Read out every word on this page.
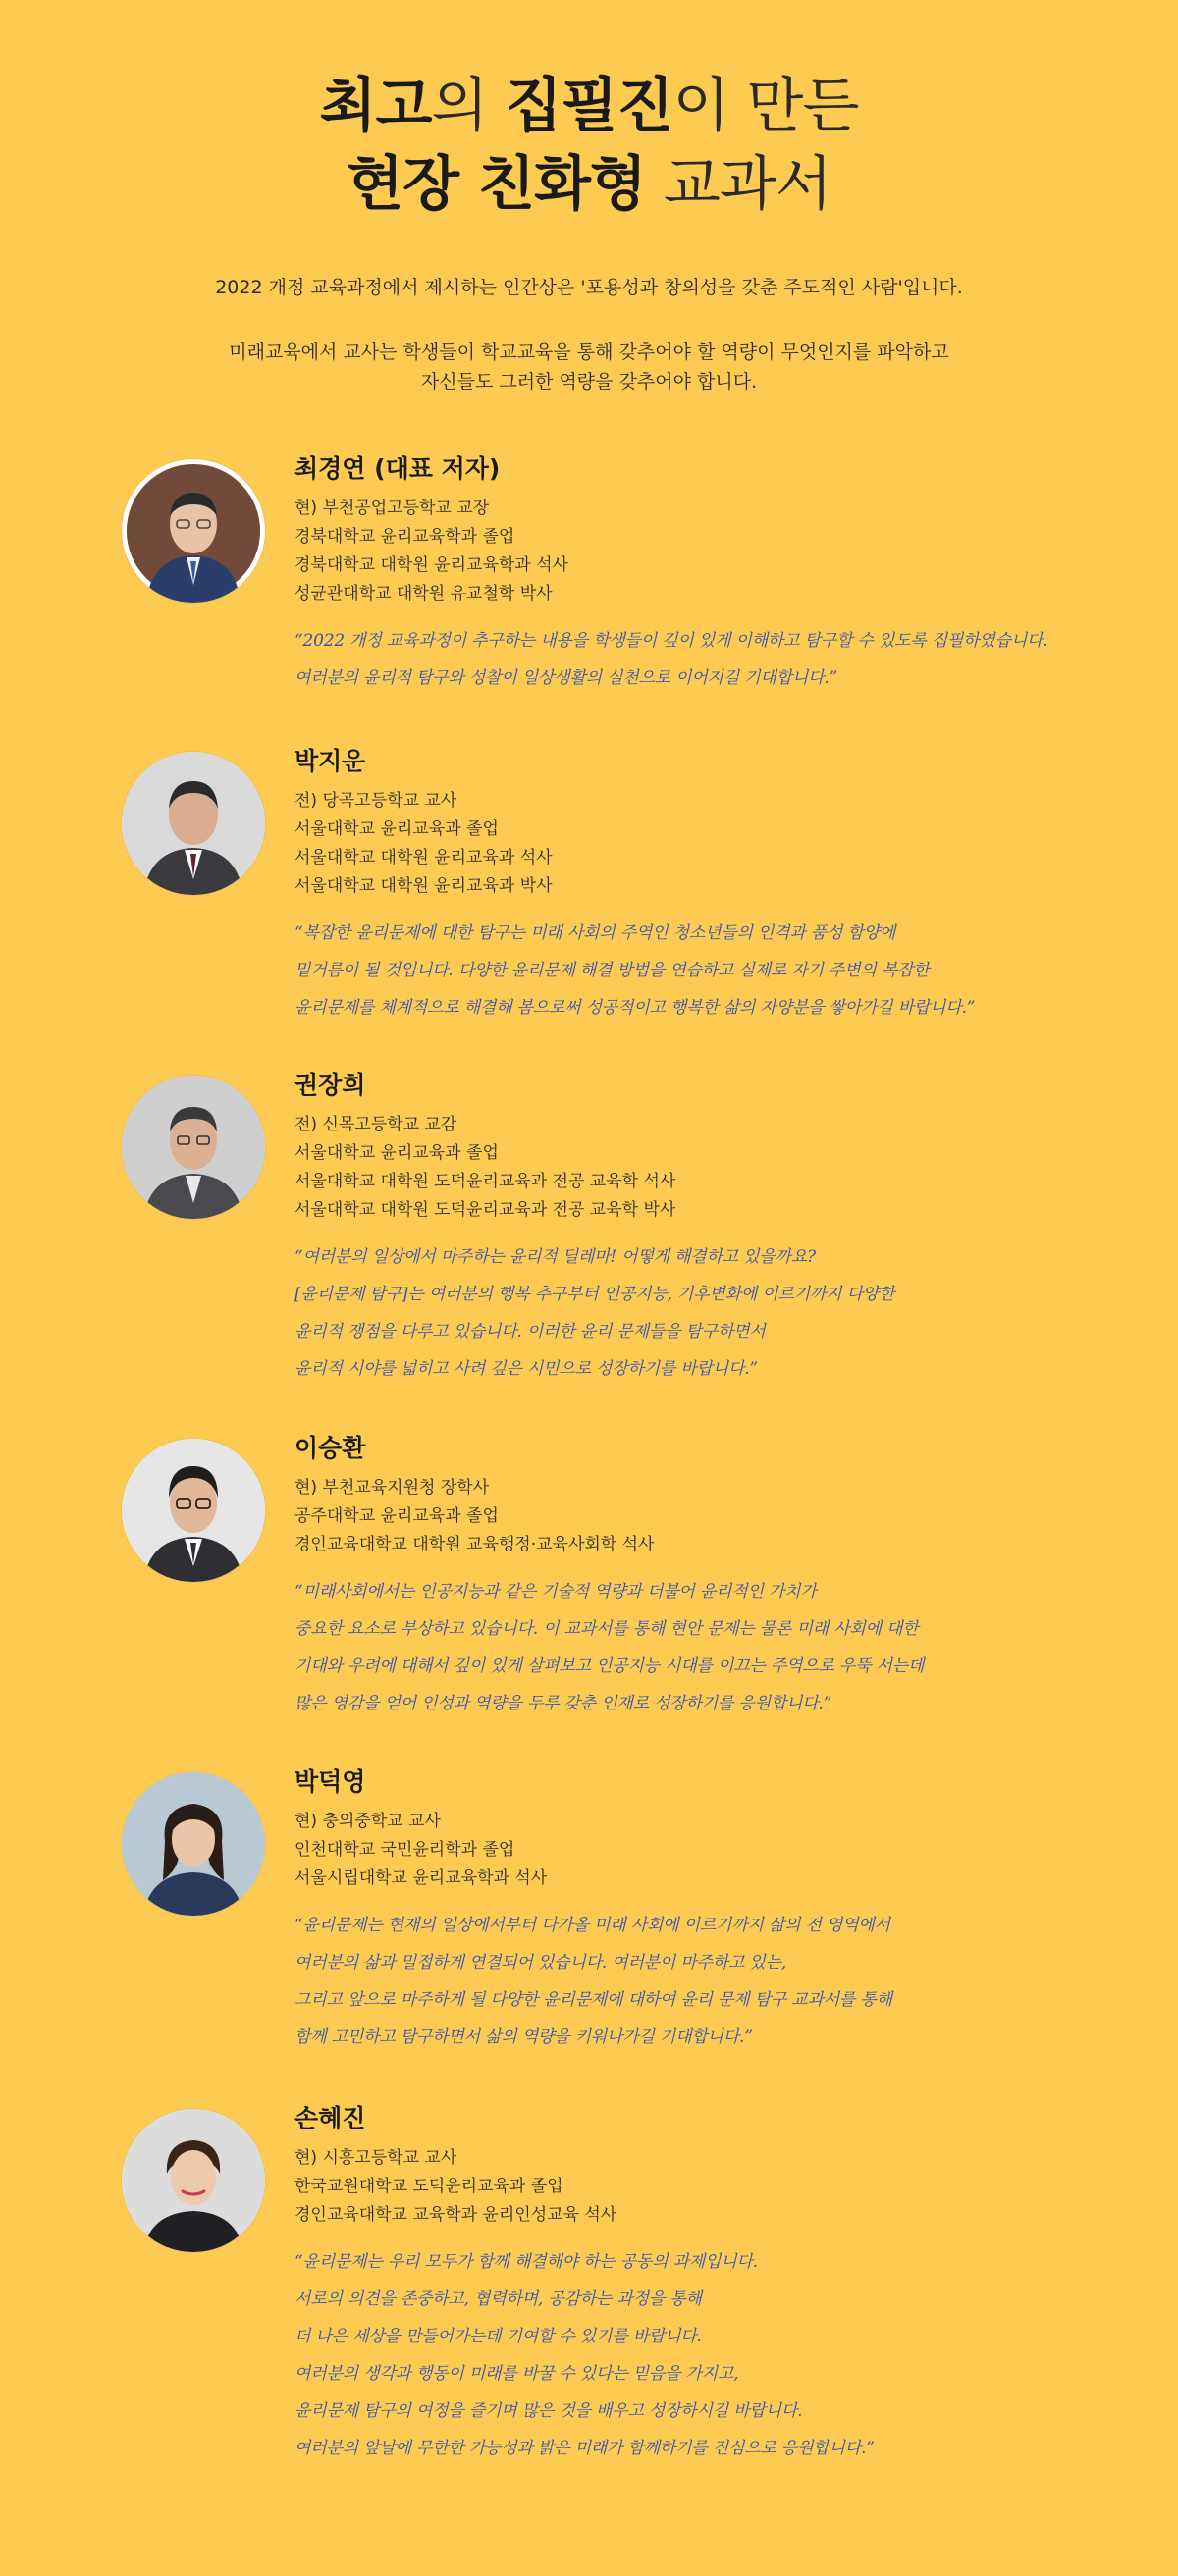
최고의 집필진이 만든
현장 친화형 교과서
2022 개정 교육과정에서 제시하는 인간상은 '포용성과 창의성을 갖춘 주도적인 사람'입니다.
미래교육에서 교사는 학생들이 학교교육을 통해 갖추어야 할 역량이 무엇인지를 파악하고
자신들도 그러한 역량을 갖추어야 합니다.
최경연 (대표 저자)
현) 부천공업고등학교 교장
경북대학교 윤리교육학과 졸업
경북대학교 대학원 윤리교육학과 석사
성균관대학교 대학원 유교철학 박사
“2022 개정 교육과정이 추구하는 내용을 학생들이 깊이 있게 이해하고 탐구할 수 있도록 집필하였습니다.
여러분의 윤리적 탐구와 성찰이 일상생활의 실천으로 이어지길 기대합니다.”
박지운
전) 당곡고등학교 교사
서울대학교 윤리교육과 졸업
서울대학교 대학원 윤리교육과 석사
서울대학교 대학원 윤리교육과 박사
“복잡한 윤리문제에 대한 탐구는 미래 사회의 주역인 청소년들의 인격과 품성 함양에
밑거름이 될 것입니다. 다양한 윤리문제 해결 방법을 연습하고 실제로 자기 주변의 복잡한
윤리문제를 체계적으로 해결해 봄으로써 성공적이고 행복한 삶의 자양분을 쌓아가길 바랍니다.”
권장희
전) 신목고등학교 교감
서울대학교 윤리교육과 졸업
서울대학교 대학원 도덕윤리교육과 전공 교육학 석사
서울대학교 대학원 도덕윤리교육과 전공 교육학 박사
“여러분의 일상에서 마주하는 윤리적 딜레마! 어떻게 해결하고 있을까요?
[윤리문제 탐구]는 여러분의 행복 추구부터 인공지능, 기후변화에 이르기까지 다양한
윤리적 쟁점을 다루고 있습니다. 이러한 윤리 문제들을 탐구하면서
윤리적 시야를 넓히고 사려 깊은 시민으로 성장하기를 바랍니다.”
이승환
현) 부천교육지원청 장학사
공주대학교 윤리교육과 졸업
경인교육대학교 대학원 교육행정·교육사회학 석사
“미래사회에서는 인공지능과 같은 기술적 역량과 더불어 윤리적인 가치가
중요한 요소로 부상하고 있습니다. 이 교과서를 통해 현안 문제는 물론 미래 사회에 대한
기대와 우려에 대해서 깊이 있게 살펴보고 인공지능 시대를 이끄는 주역으로 우뚝 서는데
많은 영감을 얻어 인성과 역량을 두루 갖춘 인재로 성장하기를 응원합니다.”
박덕영
현) 충의중학교 교사
인천대학교 국민윤리학과 졸업
서울시립대학교 윤리교육학과 석사
“윤리문제는 현재의 일상에서부터 다가올 미래 사회에 이르기까지 삶의 전 영역에서
여러분의 삶과 밀접하게 연결되어 있습니다. 여러분이 마주하고 있는,
그리고 앞으로 마주하게 될 다양한 윤리문제에 대하여 윤리 문제 탐구 교과서를 통해
함께 고민하고 탐구하면서 삶의 역량을 키워나가길 기대합니다.”
손혜진
현) 시흥고등학교 교사
한국교원대학교 도덕윤리교육과 졸업
경인교육대학교 교육학과 윤리인성교육 석사
“윤리문제는 우리 모두가 함께 해결해야 하는 공동의 과제입니다.
서로의 의견을 존중하고, 협력하며, 공감하는 과정을 통해
더 나은 세상을 만들어가는데 기여할 수 있기를 바랍니다.
여러분의 생각과 행동이 미래를 바꿀 수 있다는 믿음을 가지고,
윤리문제 탐구의 여정을 즐기며 많은 것을 배우고 성장하시길 바랍니다.
여러분의 앞날에 무한한 가능성과 밝은 미래가 함께하기를 진심으로 응원합니다.”
